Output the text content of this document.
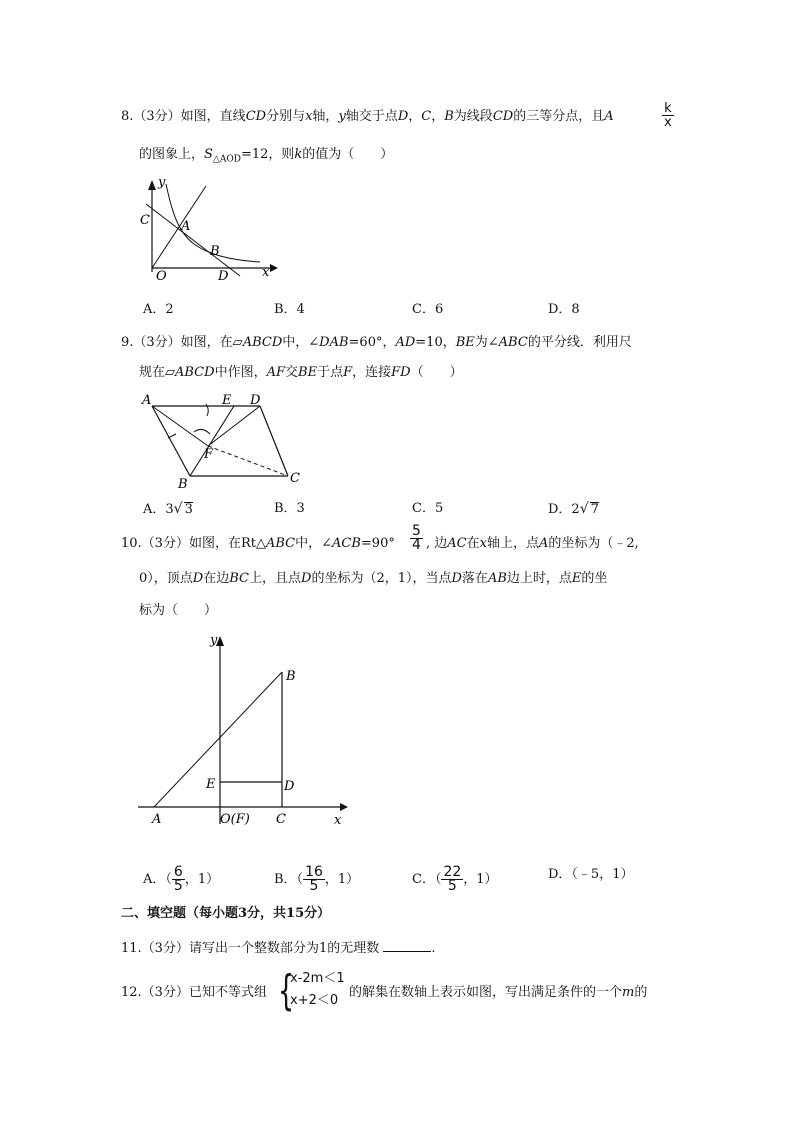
8.（3分）如图，直线CD分别与x轴，y轴交于点D，C，B为线段CD的三等分点，且A	$\frac{k}{x}$
的图象上，$S_{\triangle AOD}=12$，则k的值为（　　）
y
C A
B
O	D	x
A．2	B．4	C．6	D．8
9.（3分）如图，在▱ABCD中，∠DAB=60°，AD=10，BE为∠ABC的平分线．利用尺
规在▱ABCD中作图，AF交BE于点F，连接FD（　　）
A	E D
F
B	C
A．3√ 3	B．3	C．5	D．2√ 7
10.（3分）如图，在Rt△ABC中，∠ACB=90° $\frac{5}{4}$ , 边AC在x轴上，点A的坐标为（﹣2,
0），顶点D在边BC上，且点D的坐标为（2，1），当点D落在AB边上时，点E的坐
标为（　　）
y
B
E	D
A	O(F) C	x
A．（ $\frac{6}{5}$ ，1）	B．（ $\frac{16}{5}$ ，1）	C．（ $\frac{22}{5}$ ，1）	D．（﹣5，1）
二、填空题（每小题3分，共15分）
11.（3分）请写出一个整数部分为1的无理数	.
12.（3分）已知不等式组 {
x-2m＜1
x+2＜0
的解集在数轴上表示如图，写出满足条件的一个m的
